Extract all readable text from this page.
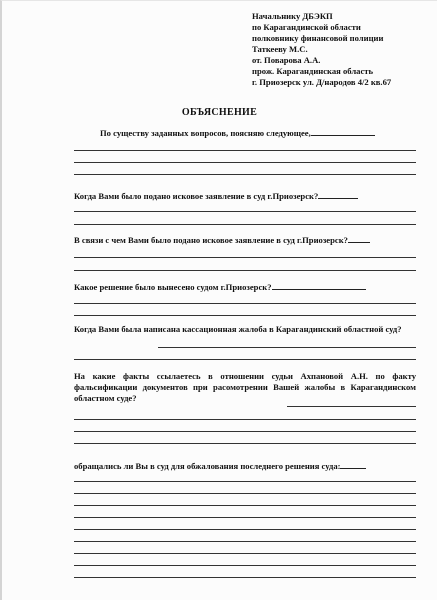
Начальнику ДБЭКП
по Карагандинской области
полковнику финансовой полиции
Таткееву М.С.
от. Поварова А.А.
прож. Карагандинская область
г. Приозерск ул. Д/народов 4/2 кв.67
ОБЪЯСНЕНИЕ
По существу заданных вопросов, поясняю следующее,
Когда Вами было подано исковое заявление в суд г.Приозерск?
В связи с чем Вами было подано исковое заявление в суд г.Приозерск?
Какое решение было вынесено судом г.Приозерск?
Когда Вами была написана кассационная жалоба в Карагандинский областной суд?
На какие факты ссылаетесь в отношении судьи Ахпановой А.Н. по факту фальсификации документов при расомотрении Вашей жалобы в Карагандинском областном суде?
обращались ли Вы в суд для обжалования последнего решения суда:
